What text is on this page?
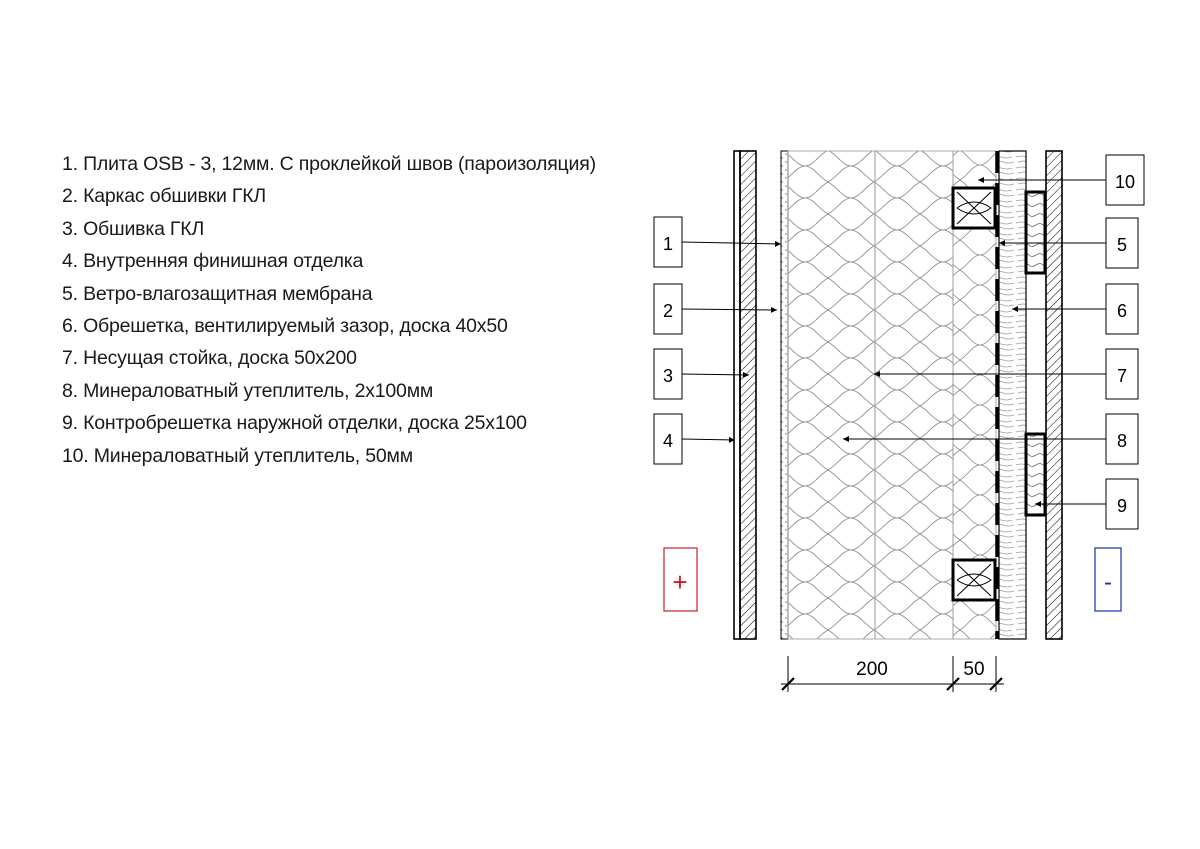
1. Плита OSB - 3, 12мм. С проклейкой швов (пароизоляция)
2. Каркас обшивки ГКЛ
3. Обшивка ГКЛ
4. Внутренняя финишная отделка
5. Ветро-влагозащитная мембрана
6. Обрешетка, вентилируемый зазор, доска 40х50
7. Несущая стойка, доска 50х200
8. Минераловатный утеплитель, 2х100мм
9. Контробрешетка наружной отделки, доска 25х100
10. Минераловатный утеплитель, 50мм
1
2
3
4
10
5
6
7
8
9
+	-
200	50
